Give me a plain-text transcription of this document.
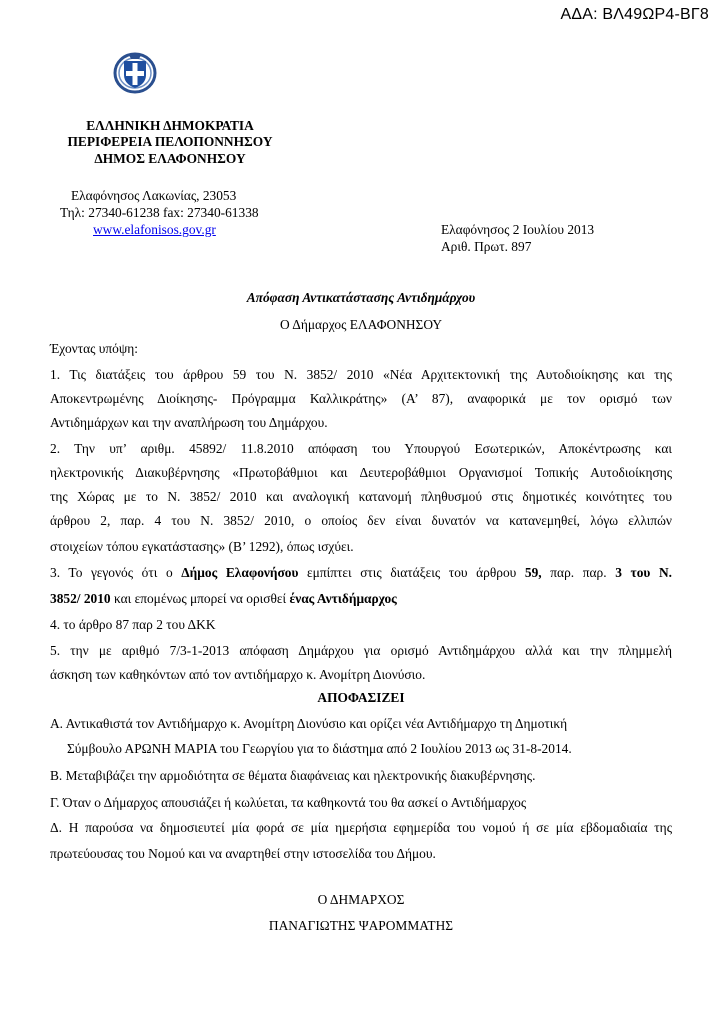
ΑΔΑ: ΒΛ49ΩΡ4-ΒΓ8
ΕΛΛΗΝΙΚΗ ΔΗΜΟΚΡΑΤΙΑ
ΠΕΡΙΦΕΡΕΙΑ ΠΕΛΟΠΟΝΝΗΣΟΥ
ΔΗΜΟΣ ΕΛΑΦΟΝΗΣΟΥ
Ελαφόνησος Λακωνίας, 23053
Τηλ: 27340-61238 fax: 27340-61338
www.elafonisos.gov.gr	Ελαφόνησος 2 Ιουλίου 2013
Αριθ. Πρωτ. 897
Απόφαση Αντικατάστασης Αντιδημάρχου
Ο Δήμαρχος ΕΛΑΦΟΝΗΣΟΥ
Έχοντας υπόψη:
1. Τις διατάξεις του άρθρου 59 του Ν. 3852/ 2010 «Νέα Αρχιτεκτονική της Αυτοδιοίκησης και της
Αποκεντρωμένης Διοίκησης- Πρόγραμμα Καλλικράτης» (Α’ 87), αναφορικά με τον ορισμό των
Αντιδημάρχων και την αναπλήρωση του Δημάρχου.
2. Την υπ’ αριθμ. 45892/ 11.8.2010 απόφαση του Υπουργού Εσωτερικών, Αποκέντρωσης και
ηλεκτρονικής Διακυβέρνησης «Πρωτοβάθμιοι και Δευτεροβάθμιοι Οργανισμοί Τοπικής Αυτοδιοίκησης
της Χώρας με το Ν. 3852/ 2010 και αναλογική κατανομή πληθυσμού στις δημοτικές κοινότητες του
άρθρου 2, παρ. 4 του Ν. 3852/ 2010, ο οποίος δεν είναι δυνατόν να κατανεμηθεί, λόγω ελλιπών
στοιχείων τόπου εγκατάστασης» (Β’ 1292), όπως ισχύει.
3. Το γεγονός ότι ο Δήμος Ελαφονήσου εμπίπτει στις διατάξεις του άρθρου 59, παρ. παρ. 3 του Ν.
3852/ 2010 και επομένως μπορεί να ορισθεί ένας Αντιδήμαρχος
4. το άρθρο 87 παρ 2 του ΔΚΚ
5. την με αριθμό 7/3-1-2013 απόφαση Δημάρχου για ορισμό Αντιδημάρχου αλλά και την πλημμελή
άσκηση των καθηκόντων από τον αντιδήμαρχο κ. Ανομίτρη Διονύσιο.
ΑΠΟΦΑΣΙΖΕΙ
Α. Αντικαθιστά τον Αντιδήμαρχο κ. Ανομίτρη Διονύσιο και ορίζει νέα Αντιδήμαρχο τη Δημοτική
Σύμβουλο ΑΡΩΝΗ ΜΑΡΙΑ του Γεωργίου για το διάστημα από 2 Ιουλίου 2013 ως 31-8-2014.
Β. Μεταβιβάζει την αρμοδιότητα σε θέματα διαφάνειας και ηλεκτρονικής διακυβέρνησης.
Γ. Όταν ο Δήμαρχος απουσιάζει ή κωλύεται, τα καθηκοντά του θα ασκεί ο Αντιδήμαρχος
Δ. Η παρούσα να δημοσιευτεί μία φορά σε μία ημερήσια εφημερίδα του νομού ή σε μία εβδομαδιαία της
πρωτεύουσας του Νομού και να αναρτηθεί στην ιστοσελίδα του Δήμου.
Ο ΔΗΜΑΡΧΟΣ
ΠΑΝΑΓΙΩΤΗΣ ΨΑΡΟΜΜΑΤΗΣ
